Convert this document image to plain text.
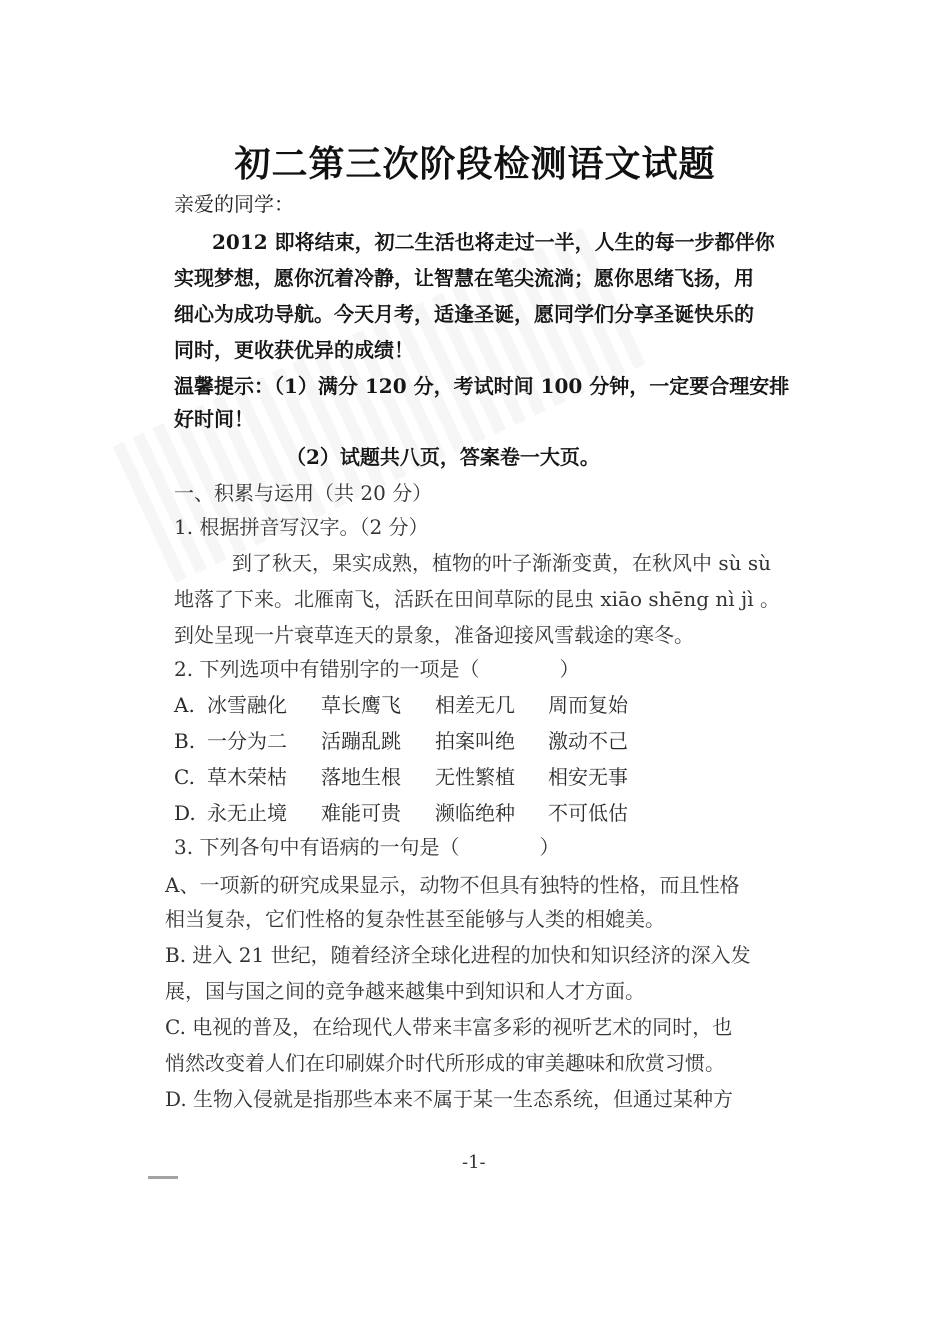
初二第三次阶段检测语文试题
亲爱的同学：
2012 即将结束，初二生活也将走过一半，人生的每一步都伴你
实现梦想，愿你沉着冷静，让智慧在笔尖流淌；愿你思绪飞扬，用
细心为成功导航。今天月考，适逢圣诞，愿同学们分享圣诞快乐的
同时，更收获优异的成绩！
温馨提示：（1）满分 120 分，考试时间 100 分钟，一定要合理安排
好时间！
（2）试题共八页，答案卷一大页。
一、积累与运用（共 20 分）
1. 根据拼音写汉字。（2 分）
到了秋天，果实成熟，植物的叶子渐渐变黄，在秋风中 sù sù
地落了下来。北雁南飞，活跃在田间草际的昆虫 xiāo shēng nì jì 。
到处呈现一片衰草连天的景象，准备迎接风雪载途的寒冬。
2. 下列选项中有错别字的一项是（　　　　）
A. 冰雪融化 草长鹰飞 相差无几 周而复始
B. 一分为二 活蹦乱跳 拍案叫绝 激动不己
C. 草木荣枯 落地生根 无性繁植 相安无事
D. 永无止境 难能可贵 濒临绝种 不可低估
3. 下列各句中有语病的一句是（　　　　）
A、一项新的研究成果显示，动物不但具有独特的性格，而且性格
相当复杂，它们性格的复杂性甚至能够与人类的相媲美。
B. 进入 21 世纪，随着经济全球化进程的加快和知识经济的深入发
展，国与国之间的竞争越来越集中到知识和人才方面。
C. 电视的普及，在给现代人带来丰富多彩的视听艺术的同时，也
悄然改变着人们在印刷媒介时代所形成的审美趣味和欣赏习惯。
D. 生物入侵就是指那些本来不属于某一生态系统，但通过某种方
-1-
